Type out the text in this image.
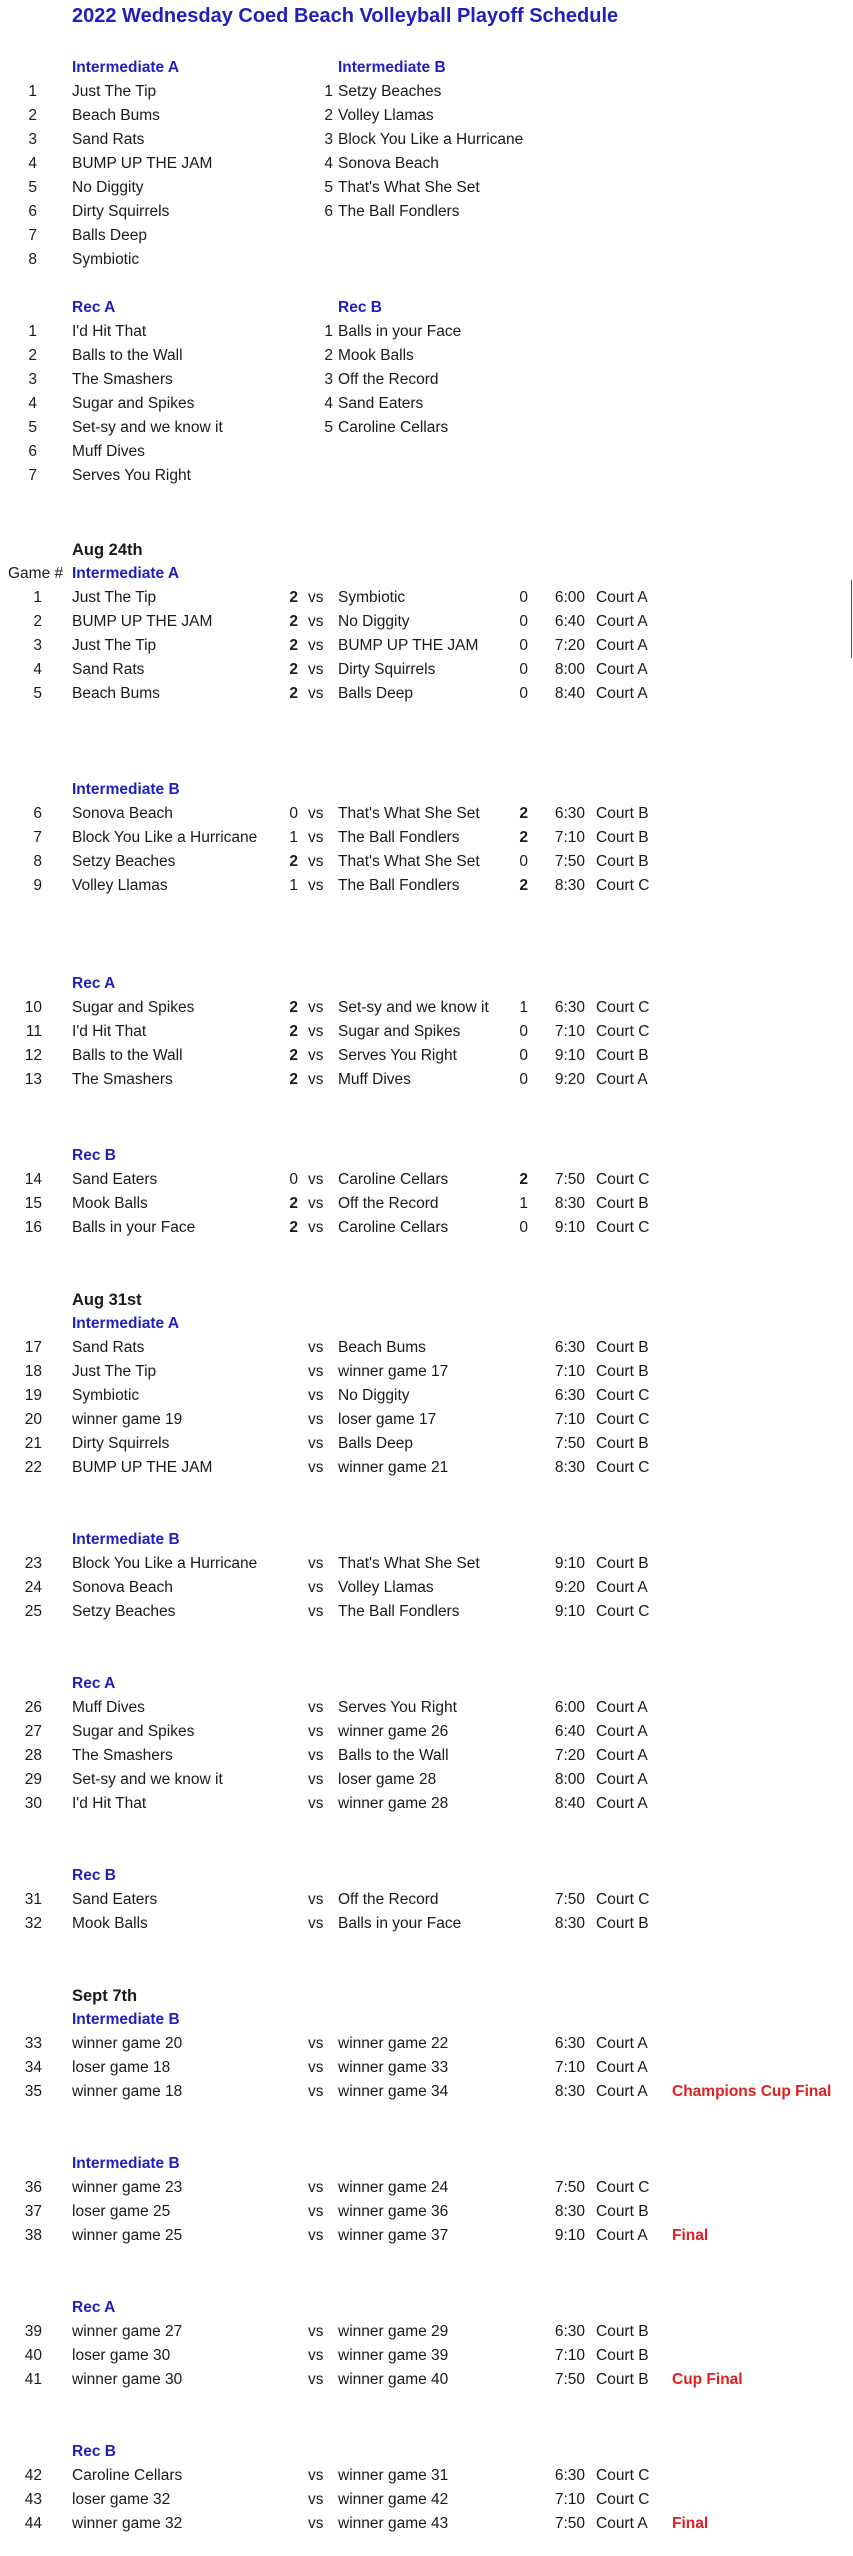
2022 Wednesday Coed Beach Volleyball Playoff Schedule
Game #
Intermediate A
1 Just The Tip
2 Beach Bums
3 Sand Rats
4 BUMP UP THE JAM
5 No Diggity
6 Dirty Squirrels
7 Balls Deep
8 Symbiotic
Intermediate B
1 Setzy Beaches
2 Volley Llamas
3 Block You Like a Hurricane
4 Sonova Beach
5 That's What She Set
6 The Ball Fondlers
Rec A
1 I'd Hit That
2 Balls to the Wall
3 The Smashers
4 Sugar and Spikes
5 Set-sy and we know it
6 Muff Dives
7 Serves You Right
Rec B
1 Balls in your Face
2 Mook Balls
3 Off the Record
4 Sand Eaters
5 Caroline Cellars
Aug 24th
Intermediate A
1 Just The Tip	2 vs Symbiotic	0	6:00 Court A
2 BUMP UP THE JAM	2 vs No Diggity	0	6:40 Court A
3 Just The Tip	2 vs BUMP UP THE JAM	0	7:20 Court A
4 Sand Rats	2 vs Dirty Squirrels	0	8:00 Court A
5 Beach Bums	2 vs Balls Deep	0	8:40 Court A
Intermediate B
6 Sonova Beach	0 vs That's What She Set	2	6:30 Court B
7 Block You Like a Hurricane	1 vs The Ball Fondlers	2	7:10 Court B
8 Setzy Beaches	2 vs That's What She Set	0	7:50 Court B
9 Volley Llamas	1 vs The Ball Fondlers	2	8:30 Court C
Rec A
10 Sugar and Spikes	2 vs Set-sy and we know it	1	6:30 Court C
11 I'd Hit That	2 vs Sugar and Spikes	0	7:10 Court C
12 Balls to the Wall	2 vs Serves You Right	0	9:10 Court B
13 The Smashers	2 vs Muff Dives	0	9:20 Court A
Rec B
14 Sand Eaters	0 vs Caroline Cellars	2	7:50 Court C
15 Mook Balls	2 vs Off the Record	1	8:30 Court B
16 Balls in your Face	2 vs Caroline Cellars	0	9:10 Court C
Aug 31st
Intermediate A
17 Sand Rats	vs Beach Bums	6:30 Court B
18 Just The Tip	vs winner game 17	7:10 Court B
19 Symbiotic	vs No Diggity	6:30 Court C
20 winner game 19	vs loser game 17	7:10 Court C
21 Dirty Squirrels	vs Balls Deep	7:50 Court B
22 BUMP UP THE JAM	vs winner game 21	8:30 Court C
Intermediate B
23 Block You Like a Hurricane	vs That's What She Set	9:10 Court B
24 Sonova Beach	vs Volley Llamas	9:20 Court A
25 Setzy Beaches	vs The Ball Fondlers	9:10 Court C
Rec A
26 Muff Dives	vs Serves You Right	6:00 Court A
27 Sugar and Spikes	vs winner game 26	6:40 Court A
28 The Smashers	vs Balls to the Wall	7:20 Court A
29 Set-sy and we know it	vs loser game 28	8:00 Court A
30 I'd Hit That	vs winner game 28	8:40 Court A
Rec B
31 Sand Eaters	vs Off the Record	7:50 Court C
32 Mook Balls	vs Balls in your Face	8:30 Court B
Sept 7th
Intermediate B
33 winner game 20	vs winner game 22	6:30 Court A
34 loser game 18	vs winner game 33	7:10 Court A
35 winner game 18	vs winner game 34	8:30 Court A Champions Cup Final
Intermediate B
36 winner game 23	vs winner game 24	7:50 Court C
37 loser game 25	vs winner game 36	8:30 Court B
38 winner game 25	vs winner game 37	9:10 Court A Final
Rec A
39 winner game 27	vs winner game 29	6:30 Court B
40 loser game 30	vs winner game 39	7:10 Court B
41 winner game 30	vs winner game 40	7:50 Court B Cup Final
Rec B
42 Caroline Cellars	vs winner game 31	6:30 Court C
43 loser game 32	vs winner game 42	7:10 Court C
44 winner game 32	vs winner game 43	7:50 Court A Final
